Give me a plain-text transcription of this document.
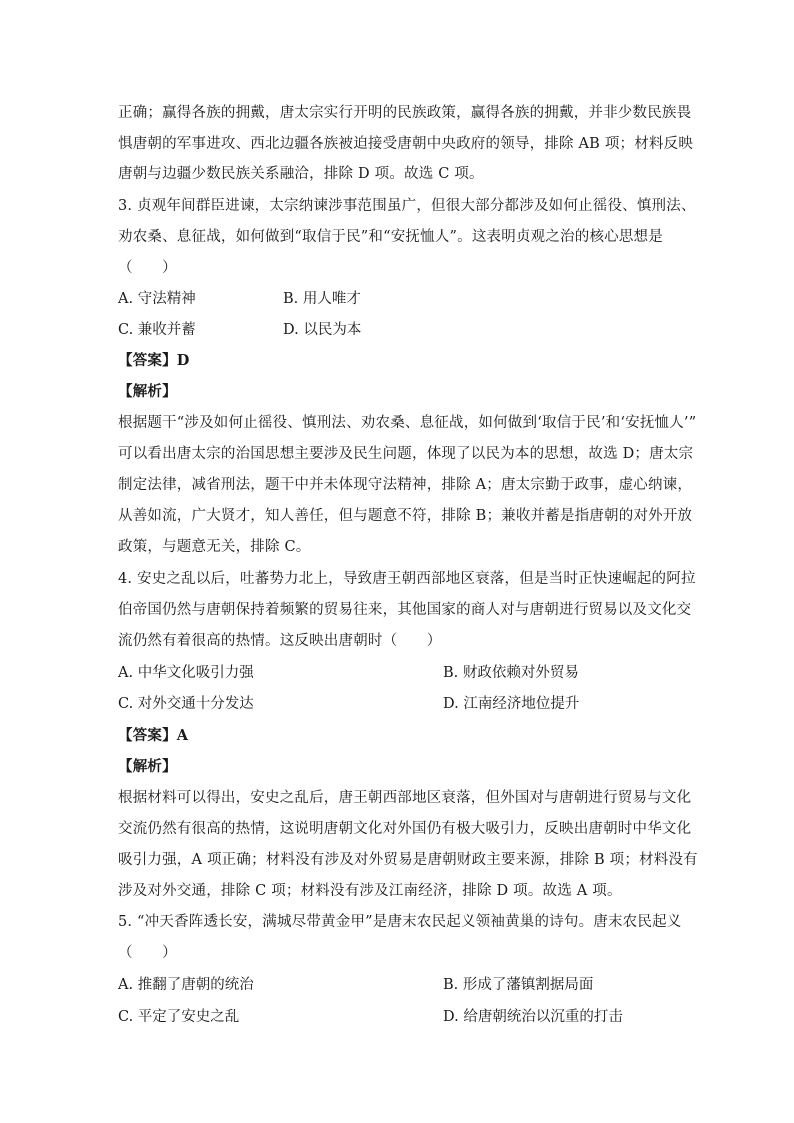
正确；赢得各族的拥戴，唐太宗实行开明的民族政策，赢得各族的拥戴，并非少数民族畏
惧唐朝的军事进攻、西北边疆各族被迫接受唐朝中央政府的领导，排除 AB 项；材料反映
唐朝与边疆少数民族关系融洽，排除 D 项。故选 C 项。
3. 贞观年间群臣进谏，太宗纳谏涉事范围虽广，但很大部分都涉及如何止徭役、慎刑法、
劝农桑、息征战，如何做到“取信于民”和“安抚恤人”。这表明贞观之治的核心思想是
（　　）
A. 守法精神	B. 用人唯才
C. 兼收并蓄	D. 以民为本
【答案】D
【解析】
根据题干“涉及如何止徭役、慎刑法、劝农桑、息征战，如何做到‘取信于民’和‘安抚恤人’”
可以看出唐太宗的治国思想主要涉及民生问题，体现了以民为本的思想，故选 D；唐太宗
制定法律，减省刑法，题干中并未体现守法精神，排除 A；唐太宗勤于政事，虚心纳谏，
从善如流，广大贤才，知人善任，但与题意不符，排除 B；兼收并蓄是指唐朝的对外开放
政策，与题意无关，排除 C。
4. 安史之乱以后，吐蕃势力北上，导致唐王朝西部地区衰落，但是当时正快速崛起的阿拉
伯帝国仍然与唐朝保持着频繁的贸易往来，其他国家的商人对与唐朝进行贸易以及文化交
流仍然有着很高的热情。这反映出唐朝时（　　）
A. 中华文化吸引力强	B. 财政依赖对外贸易
C. 对外交通十分发达	D. 江南经济地位提升
【答案】A
【解析】
根据材料可以得出，安史之乱后，唐王朝西部地区衰落，但外国对与唐朝进行贸易与文化
交流仍然有很高的热情，这说明唐朝文化对外国仍有极大吸引力，反映出唐朝时中华文化
吸引力强，A 项正确；材料没有涉及对外贸易是唐朝财政主要来源，排除 B 项；材料没有
涉及对外交通，排除 C 项；材料没有涉及江南经济，排除 D 项。故选 A 项。
5. “冲天香阵透长安，满城尽带黄金甲”是唐末农民起义领袖黄巢的诗句。唐末农民起义
（　　）
A. 推翻了唐朝的统治	B. 形成了藩镇割据局面
C. 平定了安史之乱	D. 给唐朝统治以沉重的打击
